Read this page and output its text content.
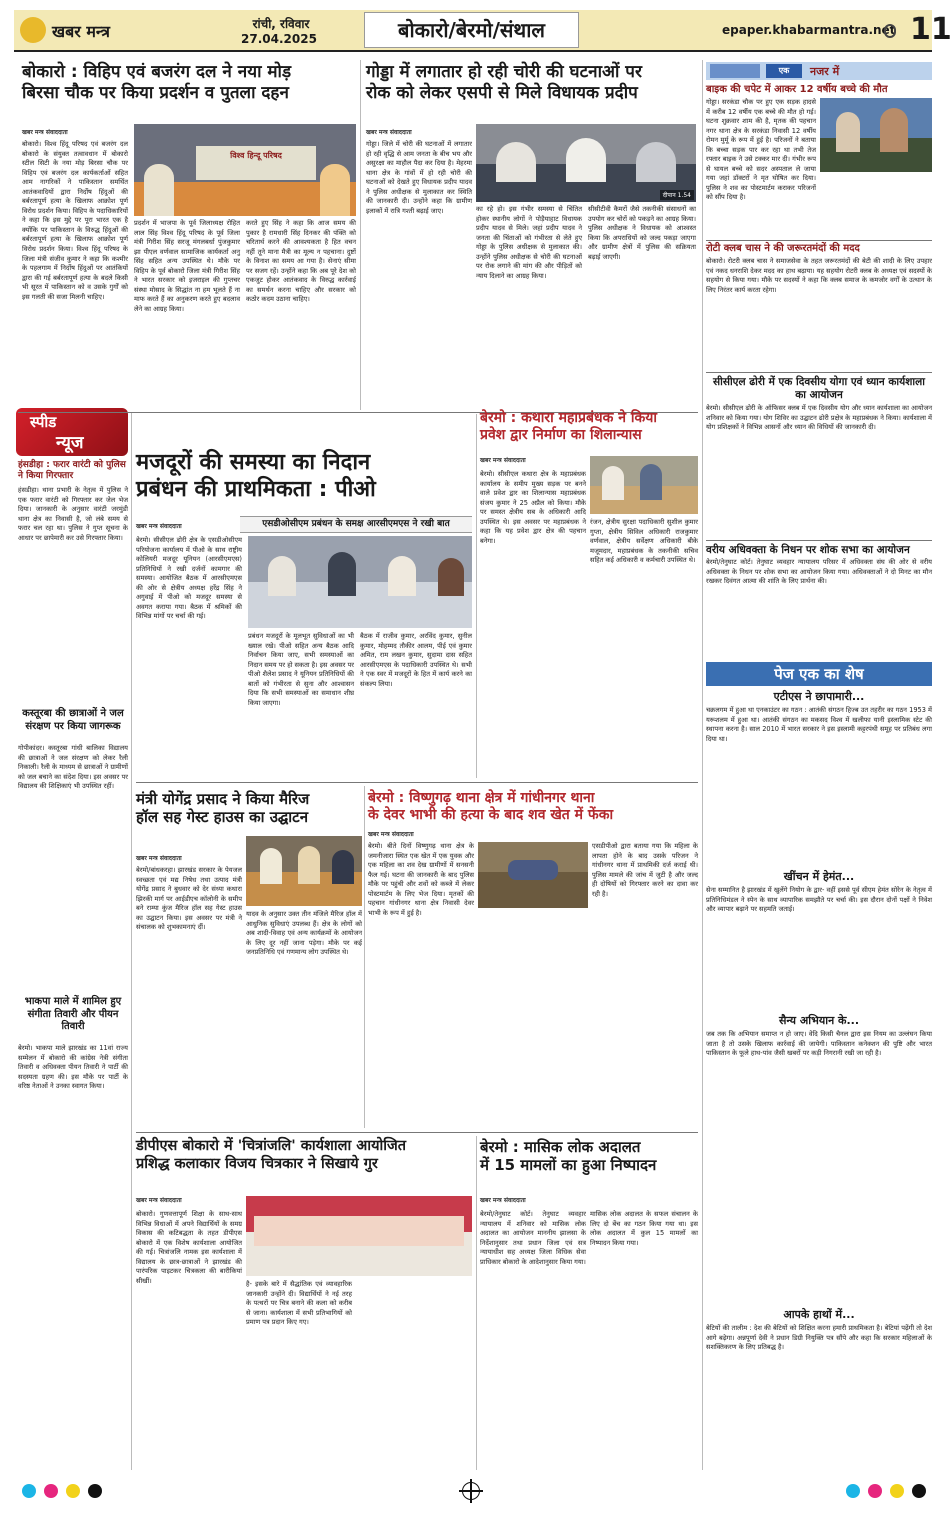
खबर मन्त्र	रांची, रविवार
27.04.2025	बोकारो/बेरमो/संथाल	epaper.khabarmantra.net 11
बोकारो : विहिप एवं बजरंग दल ने नया मोड़
बिरसा चौक पर किया प्रदर्शन व पुतला दहन
खबर मन्त्र संवाददाता
बोकारो। विश्व हिंदू परिषद एवं बजरंग दल बोकारो के संयुक्त तत्वावधान में बोकारो स्टील सिटी के नया मोड़ बिरसा चौक पर विहिप एवं बजरंग दल कार्यकर्ताओं सहित आम नागरिकों ने पाकिस्तान समर्थित आतंकवादियों द्वारा निर्दोष हिंदुओं की बर्बरतापूर्ण हत्या के खिलाफ आक्रोश पूर्ण विरोध प्रदर्शन किया। विहिप के पदाधिकारियों ने कहा कि इस मुद्दे पर पूरा भारत एक है क्योंकि पर पाकिस्तान के विरुद्ध हिंदुओं की बर्बरतापूर्ण हत्या के खिलाफ आक्रोश पूर्ण विरोध प्रदर्शन किया। विश्व हिंदू परिषद के जिला मंत्री संजीव कुमार ने कहा कि कश्मीर के पहलगाम में निर्दोष हिंदुओं पर आतंकियों द्वारा की गई बर्बरतापूर्ण हत्या के बदले किसी भी सूरत में पाकिस्तान को व उसके गुर्गों को इस गलती की सजा मिलनी चाहिए।
विश्व हिन्दू परिषद
प्रदर्शन में भाजपा के पूर्व जिलाध्यक्ष रोहित लाल सिंह विश्व हिंदू परिषद के पूर्व जिला मंत्री गिरीश सिंह सरजू मंगलबर्धा पुंजकुमार झा पीएल वर्णवाल सामाजिक कार्यकर्ता अनु सिंह सहित अन्य उपस्थित थे। मौके पर विहिप के पूर्व बोकारो जिला मंत्री गिरीश सिंह ने भारत सरकार को इजराइल की गुप्तचर संस्था मोसाद के सिद्धांत ना हम भूलते हैं ना माफ करते हैं का अनुकरण करते हुए बदलाव लेने का आग्रह किया।
करते हुए सिंह ने कहा कि आज समय की पुकार है रामधारी सिंह दिनकर की पंक्ति को चरितार्थ करने की आवश्यकता है हित वचन नहीं तूने माना मैत्री का मूल्य न पहचाना। दुष्टों के विनाश का समय आ गया है। सेनाएं सीमा पर सजग रहें। उन्होंने कहा कि अब पूरे देश को एकजुट होकर आतंकवाद के विरुद्ध कार्रवाई का समर्थन करना चाहिए और सरकार को कठोर कदम उठाना चाहिए।
गोड्डा में लगातार हो रही चोरी की घटनाओं पर
रोक को लेकर एसपी से मिले विधायक प्रदीप
खबर मन्त्र संवाददाता
गोड्डा। जिले में चोरी की घटनाओं में लगातार हो रही वृद्धि से आम जनता के बीच भय और असुरक्षा का माहौल पैदा कर दिया है। मेहरमा थाना क्षेत्र के गांवों में हो रही चोरी की घटनाओं को देखते हुए विधायक प्रदीप यादव ने पुलिस अधीक्षक से मुलाकात कर स्थिति की जानकारी दी। उन्होंने कहा कि ग्रामीण इलाकों में रात्रि गश्ती बढ़ाई जाए।
दीपान 1.54
का रहे हो। इस गंभीर समस्या से चिंतित होकर स्थानीय लोगों ने पोड़ैयाहाट विधायक प्रदीप यादव से मिले। जहां प्रदीप यादव ने जनता की चिंताओं को गंभीरता से लेते हुए गोड्डा के पुलिस अधीक्षक से मुलाकात की। उन्होंने पुलिस अधीक्षक से चोरी की घटनाओं पर रोक लगाने की मांग की और पीड़ितों को न्याय दिलाने का आग्रह किया।
सीसीटीवी कैमरों जैसे तकनीकी संसाधनों का उपयोग कर चोरों को पकड़ने का आग्रह किया। पुलिस अधीक्षक ने विधायक को आश्वस्त किया कि अपराधियों को जल्द पकड़ा जाएगा और ग्रामीण क्षेत्रों में पुलिस की सक्रियता बढ़ाई जाएगी।
एक	नजर में
बाइक की चपेट में आकर 12 वर्षीय बच्चे की मौत
गोड्डा। सरकंडा चौक पर हुए एक सड़क हादसे में करीब 12 वर्षीय एक बच्चे की मौत हो गई। घटना शुक्रवार शाम की है, मृतक की पहचान नगर थाना क्षेत्र के सरकंडा निवासी 12 वर्षीय रोमन मुर्मू के रूप में हुई है। परिजनों ने बताया कि बच्चा सड़क पार कर रहा था तभी तेज रफ्तार बाइक ने उसे टक्कर मार दी। गंभीर रूप से घायल बच्चे को सदर अस्पताल ले जाया गया जहां डॉक्टरों ने मृत घोषित कर दिया। पुलिस ने शव का पोस्टमार्टम कराकर परिजनों को सौंप दिया है।
रोटी क्लब चास ने की जरूरतमंदों की मदद
बोकारो। रोटरी क्लब चास ने समाजसेवा के तहत जरूरतमंदों की बेटी की शादी के लिए उपहार एवं नकद धनराशि देकर मदद का हाथ बढ़ाया। यह सहयोग रोटरी क्लब के अध्यक्ष एवं सदस्यों के सहयोग से किया गया। मौके पर सदस्यों ने कहा कि क्लब समाज के कमजोर वर्गों के उत्थान के लिए निरंतर कार्य करता रहेगा।
सीसीएल ढोरी में एक दिवसीय योगा एवं ध्यान कार्यशाला का आयोजन
बेरमो। सीसीएल ढोरी के ऑफिसर क्लब में एक दिवसीय योग और ध्यान कार्यशाला का आयोजन शनिवार को किया गया। योग शिविर का उद्घाटन ढोरी प्रक्षेत्र के महाप्रबंधक ने किया। कार्यशाला में योग प्रशिक्षकों ने विभिन्न आसनों और ध्यान की विधियों की जानकारी दी।
वरीय अधिवक्ता के निधन पर शोक सभा का आयोजन
बेरमो/तेनुघाट कोर्ट। तेनुघाट व्यवहार न्यायालय परिसर में अधिवक्ता संघ की ओर से वरीय अधिवक्ता के निधन पर शोक सभा का आयोजन किया गया। अधिवक्ताओं ने दो मिनट का मौन रखकर दिवंगत आत्मा की शांति के लिए प्रार्थना की।
पेज एक का शेष
एटीएस ने छापामारी...
चक्रलगम में हुआ था एनकाउंटर का गठन : आतंकी संगठन हिज्ब उत तहरीर का गठन 1953 में यरूशलम में हुआ था। आतंकी संगठन का मकसद विश्व में खलीफा यानी इस्लामिक स्टेट की स्थापना करना है। साल 2010 में भारत सरकार ने इस इस्लामी कट्टरपंथी समूह पर प्रतिबंध लगा दिया था।
खींचन में हेमंत...
सेना सम्मानित है झारखंड में खुलेंगे नियोग के द्वार- वहीं इससे पूर्व सीएम हेमंत सोरेन के नेतृत्व में प्रतिनिधिमंडल ने स्पेन के साथ व्यापारिक समझौते पर चर्चा की। इस दौरान दोनों पक्षों ने निवेश और व्यापार बढ़ाने पर सहमति जताई।
सैन्य अभियान के...
जब तक कि अभियान समाप्त न हो जाए। वेदि किसी चैनल द्वारा इस नियम का उल्लंघन किया जाता है तो उसके खिलाफ कार्रवाई की जायेगी। पाकिस्तान कनेक्शन की पुष्टि और भारत पाकिस्तान के फूले हाथ-पांव जैसी खबरों पर कड़ी निगरानी रखी जा रही है।
आपके हाथों में...
बेटियों की तालीम : देश की बेटियों को शिक्षित करना हमारी प्राथमिकता है। बेटियां पढ़ेंगी तो देश आगे बढ़ेगा। अन्नपूर्णा देवी ने प्रधान डिग्री नियुक्ति पत्र सौंपे और कहा कि सरकार महिलाओं के सशक्तिकरण के लिए प्रतिबद्ध है।
स्पीड
न्यूज
हंसडीहा : फरार वारंटी को पुलिस ने किया गिरफ्तार
हंसडीहा। थाना प्रभारी के नेतृत्व में पुलिस ने एक फरार वारंटी को गिरफ्तार कर जेल भेज दिया। जानकारी के अनुसार वारंटी जरमुंडी थाना क्षेत्र का निवासी है, जो लंबे समय से फरार चल रहा था। पुलिस ने गुप्त सूचना के आधार पर छापेमारी कर उसे गिरफ्तार किया।
कस्तूरबा की छात्राओं ने जल संरक्षण पर किया जागरूक
गोपीकांदर। कस्तूरबा गांधी बालिका विद्यालय की छात्राओं ने जल संरक्षण को लेकर रैली निकाली। रैली के माध्यम से छात्राओं ने ग्रामीणों को जल बचाने का संदेश दिया। इस अवसर पर विद्यालय की शिक्षिकाएं भी उपस्थित रहीं।
भाकपा माले में शामिल हुए संगीता तिवारी और पीयन तिवारी
बेरमो। भाकपा माले झारखंड का 11वां राज्य सम्मेलन में बोकारो की कांग्रेस नेत्री संगीता तिवारी व अधिवक्ता पीयन तिवारी ने पार्टी की सदस्यता ग्रहण की। इस मौके पर पार्टी के वरिष्ठ नेताओं ने उनका स्वागत किया।
मजदूरों की समस्या का निदान
प्रबंधन की प्राथमिकता : पीओ
एसडीओसीएम प्रबंधन के समक्ष आरसीएमएस ने रखी बात
खबर मन्त्र संवाददाता
बेरमो। सीसीएल ढोरी क्षेत्र के एसडीओसीएम परियोजना कार्यालय में पीओ के साथ राष्ट्रीय कोलियरी मजदूर यूनियन (आरसीएमएस) प्रतिनिधियों ने रखी दर्जनों कामगार की समस्या। आयोजित बैठक में आरसीएमएस की ओर से क्षेत्रीय अध्यक्ष हरेंद्र सिंह ने अगुवाई में पीओ को मजदूर समस्या से अवगत कराया गया। बैठक में श्रमिकों की विभिन्न मांगों पर चर्चा की गई।
प्रबंधन मजदूरों के मूलभूत सुविधाओं का भी ख्याल रखे। पीओ सहित अन्य बैठक आदि निर्वाचन किया जाए, सभी समस्याओं का निदान समय पर हो सकता है। इस अवसर पर पीओ शैलेश प्रसाद ने यूनियन प्रतिनिधियों की बातों को गंभीरता से सुना और आश्वासन दिया कि सभी समस्याओं का समाधान शीघ्र किया जाएगा।
बैठक में राजीव कुमार, अरविंद कुमार, सुनील कुमार, मोहम्मद तौकीर आलम, पीई एवं कुमार अमित, राम लखन कुमार, सुदामा दास सहित आरसीएमएस के पदाधिकारी उपस्थित थे। सभी ने एक स्वर में मजदूरों के हित में कार्य करने का संकल्प लिया।
बेरमो : कथारा महाप्रबंधक ने किया
प्रवेश द्वार निर्माण का शिलान्यास
खबर मन्त्र संवाददाता
बेरमो। सीसीएल कथारा क्षेत्र के महाप्रबंधक कार्यालय के समीप मुख्य सड़क पर बनने वाले प्रवेश द्वार का शिलान्यास महाप्रबंधक संजय कुमार ने 25 अप्रैल को किया। मौके पर समस्त क्षेत्रीय सब के अधिकारी आदि उपस्थित थे। इस अवसर पर महाप्रबंधक ने कहा कि यह प्रवेश द्वार क्षेत्र की पहचान बनेगा।
रंजन, क्षेत्रीय सुरक्षा पदाधिकारी सुशील कुमार गुप्ता, क्षेत्रीय सिविल अधिकारी राजकुमार वर्णवाल, क्षेत्रीय सर्वेक्षण अधिकारी बीके मजूमदार, महाप्रबंधक के तकनीकी सचिव सहित कई अधिकारी व कर्मचारी उपस्थित थे।
मंत्री योगेंद्र प्रसाद ने किया मैरिज
हॉल सह गेस्ट हाउस का उद्घाटन
खबर मन्त्र संवाददाता
बेरमो/बांधकरहा। झारखंड सरकार के पेयजल स्वच्छता एवं मद्य निषेध तथा उत्पाद मंत्री योगेंद्र प्रसाद ने बुधवार को देर संध्या कथारा झिरकी मार्ग पर आईडीएच कॉलोनी के समीप बने राम्या कुंज मैरिज हॉल सह गेस्ट हाउस का उद्घाटन किया। इस अवसर पर मंत्री ने संचालक को शुभकामनाएं दीं।
यादव के अनुसार उक्त तीन मंजिले मैरिज हॉल में आधुनिक सुविधाएं उपलब्ध हैं। क्षेत्र के लोगों को अब शादी-विवाह एवं अन्य कार्यक्रमों के आयोजन के लिए दूर नहीं जाना पड़ेगा। मौके पर कई जनप्रतिनिधि एवं गणमान्य लोग उपस्थित थे।
बेरमो : विष्णुगढ़ थाना क्षेत्र में गांधीनगर थाना
के देवर भाभी की हत्या के बाद शव खेत में फेंका
खबर मन्त्र संवाददाता
बेरमो। बीते दिनों विष्णुगढ़ थाना क्षेत्र के जमनीजारा स्थित एक खेत में एक युवक और एक महिला का शव देख ग्रामीणों में सनसनी फैल गई। घटना की जानकारी के बाद पुलिस मौके पर पहुंची और शवों को कब्जे में लेकर पोस्टमार्टम के लिए भेज दिया। मृतकों की पहचान गांधीनगर थाना क्षेत्र निवासी देवर भाभी के रूप में हुई है।
एसडीपीओ द्वारा बताया गया कि महिला के लापता होने के बाद उसके परिजन ने गांधीनगर थाना में प्राथमिकी दर्ज कराई थी। पुलिस मामले की जांच में जुटी है और जल्द ही दोषियों को गिरफ्तार करने का दावा कर रही है।
डीपीएस बोकारो में 'चित्रांजलि' कार्यशाला आयोजित
प्रशिद्ध कलाकार विजय चित्रकार ने सिखाये गुर
खबर मन्त्र संवाददाता
बोकारो। गुणवत्तापूर्ण शिक्षा के साथ-साथ विभिन्न विधाओं में अपने विद्यार्थियों के समग्र विकास की कटिबद्धता के तहत डीपीएस बोकारो में एक विशेष कार्यशाला आयोजित की गई। चित्रांजलि नामक इस कार्यशाला में विद्यालय के छात्र-छात्राओं ने झारखंड की पारंपरिक पाइटकर चित्रकला की बारीकियां सीखीं।	है- इसके बारे में सैद्धांतिक एवं व्यावहारिक जानकारी उन्होंने दी। विद्यार्थियों ने नई तरह के पत्थरों पर चित्र बनाने की कला को करीब से जाना। कार्यशाला में सभी प्रतिभागियों को प्रमाण पत्र प्रदान किए गए।
बेरमो : मासिक लोक अदालत
में 15 मामलों का हुआ निष्पादन
खबर मन्त्र संवाददाता
बेरमो/तेनुघाट कोर्ट। तेनुघाट व्यवहार न्यायालय में शनिवार को मासिक लोक अदालत का आयोजन माननीय झालसा के निर्देशानुसार तथा प्रधान जिला एवं सत्र न्यायाधीश सह अध्यक्ष जिला विधिक सेवा प्राधिकार बोकारो के आदेशानुसार किया गया।
मासिक लोक अदालत के सफल संचालन के लिए दो बेंच का गठन किया गया था। इस लोक अदालत में कुल 15 मामलों का निष्पादन किया गया।
